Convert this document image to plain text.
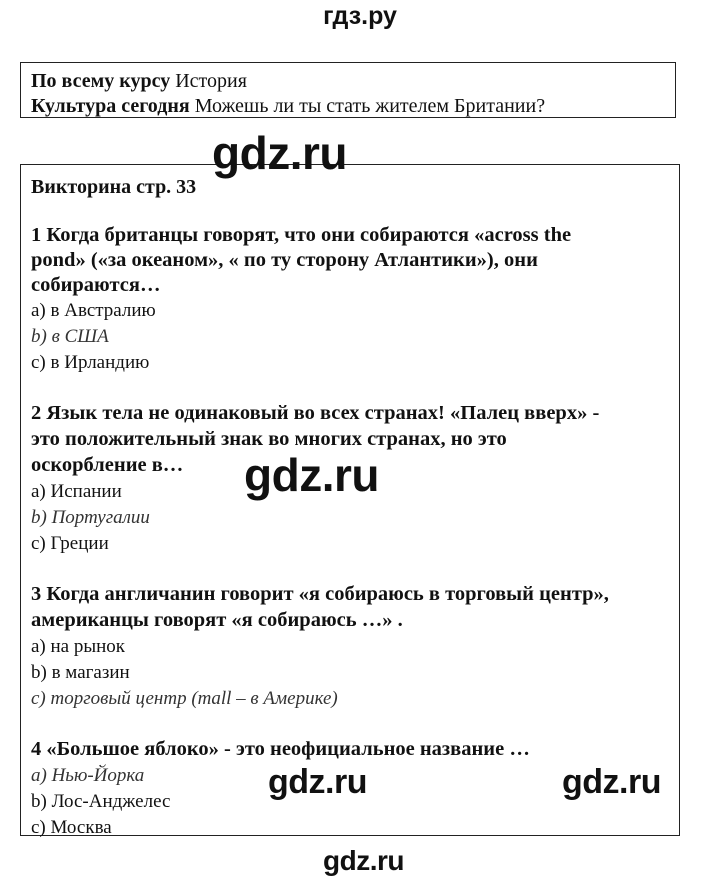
гдз.ру
По всему курсу История
Культура сегодня Можешь ли ты стать жителем Британии?
Викторина стр. 33
1 Когда британцы говорят, что они собираются «across the
pond» («за океаном», « по ту сторону Атлантики»), они
собираются…
a) в Австралию
b) в США
c) в Ирландию
2 Язык тела не одинаковый во всех странах! «Палец вверх» -
это положительный знак во многих странах, но это
оскорбление в…
a) Испании
b) Португалии
c) Греции
3 Когда англичанин говорит «я собираюсь в торговый центр»,
американцы говорят «я собираюсь …» .
a) на рынок
b) в магазин
c) торговый центр (mall – в Америке)
4 «Большое яблоко» - это неофициальное название …
a) Нью-Йорка
b) Лос-Анджелес
c) Москва
gdz.ru
gdz.ru
gdz.ru	gdz.ru
gdz.ru
